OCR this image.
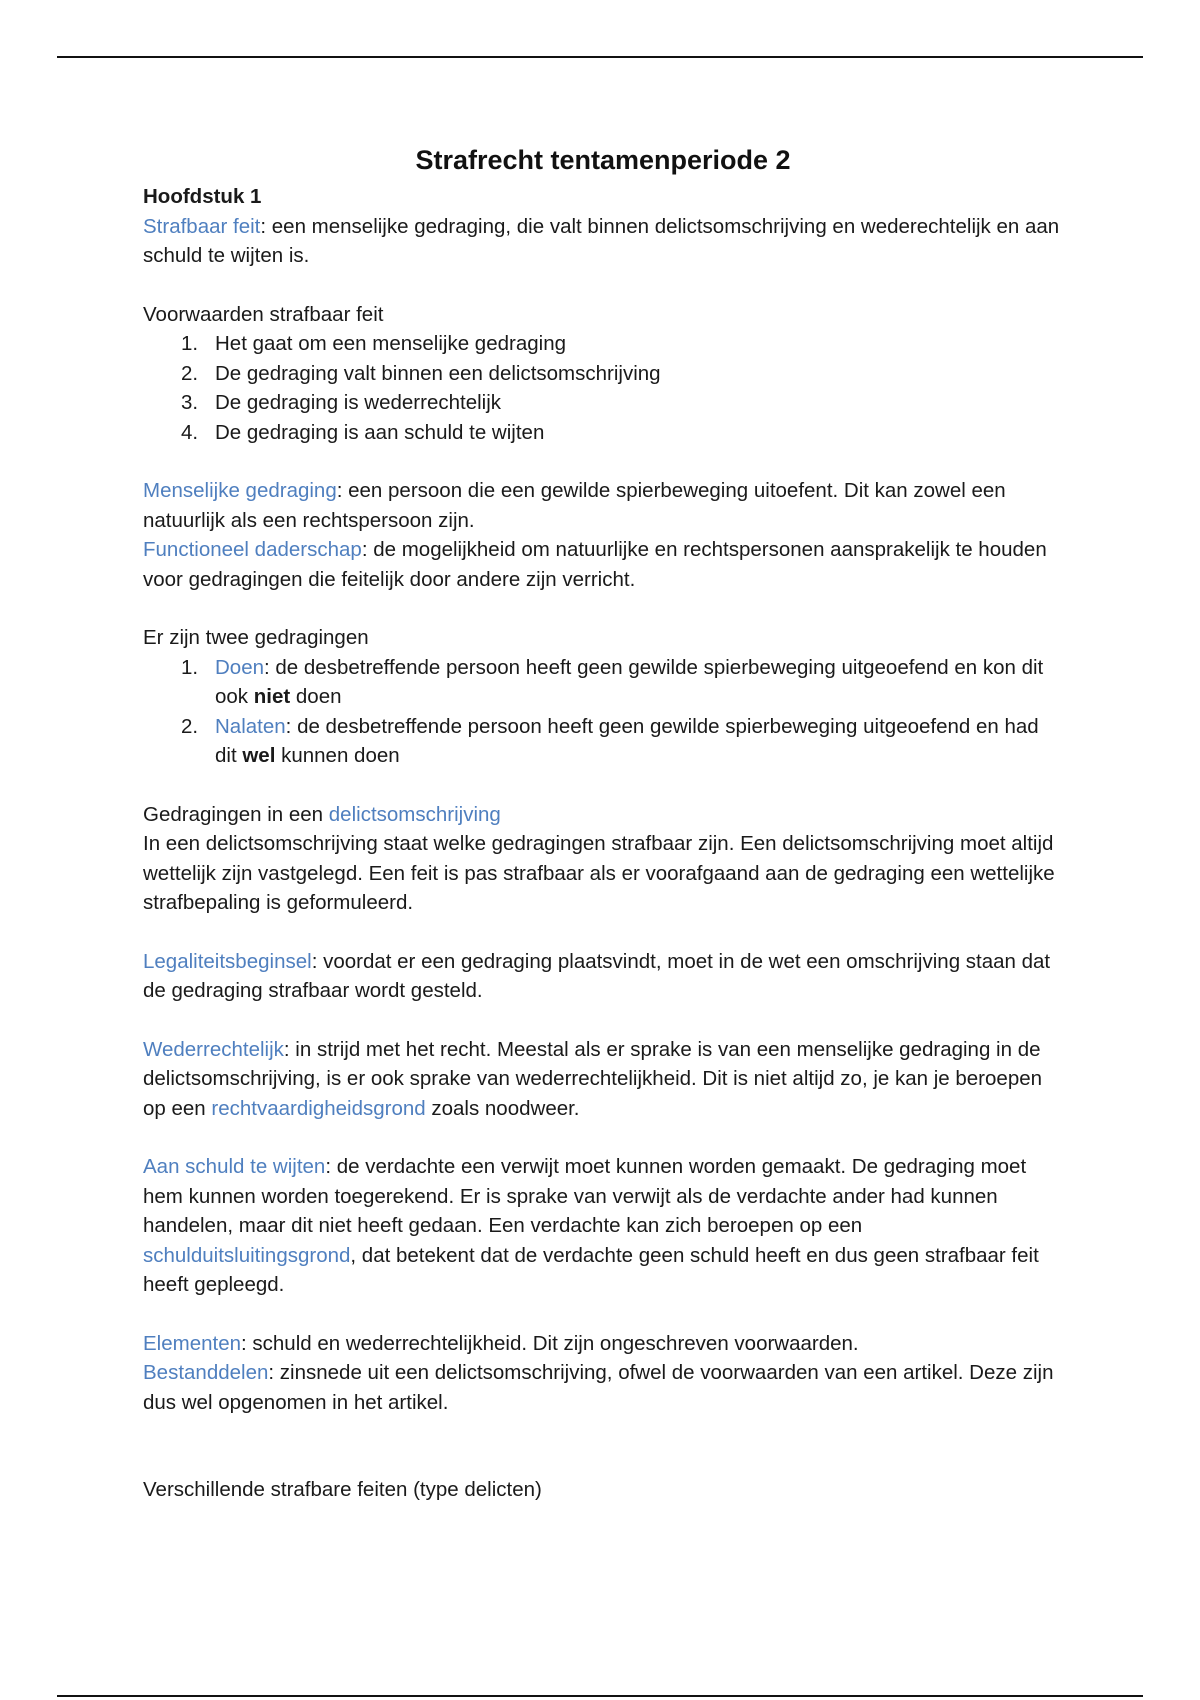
Strafrecht tentamenperiode 2

Hoofdstuk 1

Strafbaar feit: een menselijke gedraging, die valt binnen delictsomschrijving en wederechtelijk en aan schuld te wijten is.

Voorwaarden strafbaar feit

1. Het gaat om een menselijke gedraging
2. De gedraging valt binnen een delictsomschrijving
3. De gedraging is wederrechtelijk
4. De gedraging is aan schuld te wijten

Menselijke gedraging: een persoon die een gewilde spierbeweging uitoefent. Dit kan zowel een natuurlijk als een rechtspersoon zijn.

Functioneel daderschap: de mogelijkheid om natuurlijke en rechtspersonen aansprakelijk te houden voor gedragingen die feitelijk door andere zijn verricht.

Er zijn twee gedragingen

1. Doen: de desbetreffende persoon heeft geen gewilde spierbeweging uitgeoefend en kon dit ook niet doen
2. Nalaten: de desbetreffende persoon heeft geen gewilde spierbeweging uitgeoefend en had dit wel kunnen doen

Gedragingen in een delictsomschrijving

In een delictsomschrijving staat welke gedragingen strafbaar zijn. Een delictsomschrijving moet altijd wettelijk zijn vastgelegd. Een feit is pas strafbaar als er voorafgaand aan de gedraging een wettelijke strafbepaling is geformuleerd.

Legaliteitsbeginsel: voordat er een gedraging plaatsvindt, moet in de wet een omschrijving staan dat de gedraging strafbaar wordt gesteld.

Wederrechtelijk: in strijd met het recht. Meestal als er sprake is van een menselijke gedraging in de delictsomschrijving, is er ook sprake van wederrechtelijkheid. Dit is niet altijd zo, je kan je beroepen op een rechtvaardigheidsgrond zoals noodweer.

Aan schuld te wijten: de verdachte een verwijt moet kunnen worden gemaakt. De gedraging moet hem kunnen worden toegerekend. Er is sprake van verwijt als de verdachte ander had kunnen handelen, maar dit niet heeft gedaan. Een verdachte kan zich beroepen op een schulduitsluitingsgrond, dat betekent dat de verdachte geen schuld heeft en dus geen strafbaar feit heeft gepleegd.

Elementen: schuld en wederrechtelijkheid. Dit zijn ongeschreven voorwaarden.

Bestanddelen: zinsnede uit een delictsomschrijving, ofwel de voorwaarden van een artikel. Deze zijn dus wel opgenomen in het artikel.

Verschillende strafbare feiten (type delicten)
